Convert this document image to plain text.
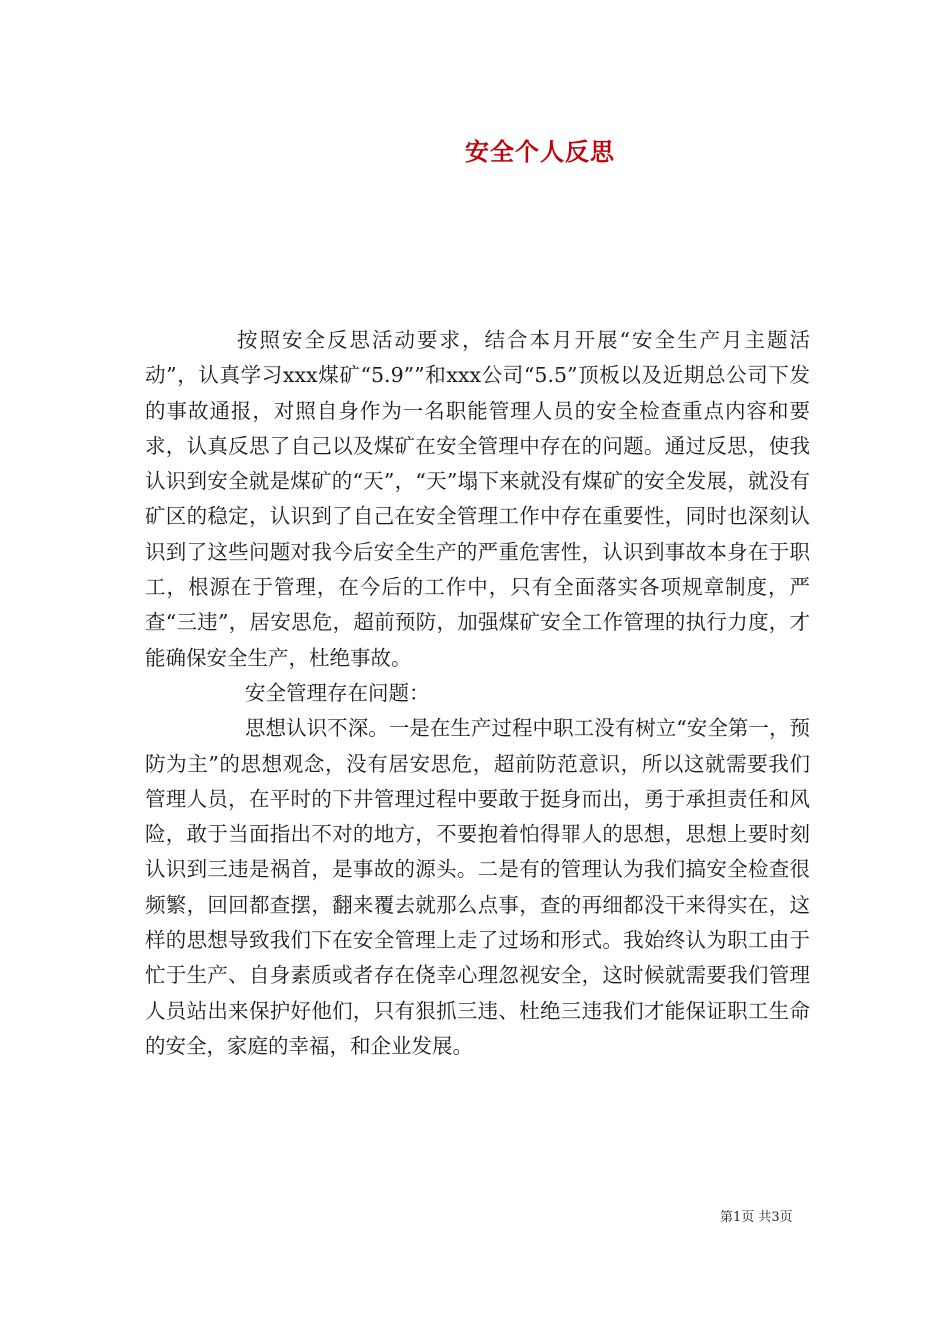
安全个人反思

按照安全反思活动要求，结合本月开展“安全生产月主题活动”，认真学习xxx煤矿“5.9””和xxx公司“5.5”顶板以及近期总公司下发的事故通报，对照自身作为一名职能管理人员的安全检查重点内容和要求，认真反思了自己以及煤矿在安全管理中存在的问题。通过反思，使我认识到安全就是煤矿的“天”，“天”塌下来就没有煤矿的安全发展，就没有矿区的稳定，认识到了自己在安全管理工作中存在重要性，同时也深刻认识到了这些问题对我今后安全生产的严重危害性，认识到事故本身在于职工，根源在于管理，在今后的工作中，只有全面落实各项规章制度，严查“三违”，居安思危，超前预防，加强煤矿安全工作管理的执行力度，才能确保安全生产，杜绝事故。

安全管理存在问题：

思想认识不深。一是在生产过程中职工没有树立“安全第一，预防为主”的思想观念，没有居安思危，超前防范意识，所以这就需要我们管理人员，在平时的下井管理过程中要敢于挺身而出，勇于承担责任和风险，敢于当面指出不对的地方，不要抱着怕得罪人的思想，思想上要时刻认识到三违是祸首，是事故的源头。二是有的管理认为我们搞安全检查很频繁，回回都查摆，翻来覆去就那么点事，查的再细都没干来得实在，这样的思想导致我们下在安全管理上走了过场和形式。我始终认为职工由于忙于生产、自身素质或者存在侥幸心理忽视安全，这时候就需要我们管理人员站出来保护好他们，只有狠抓三违、杜绝三违我们才能保证职工生命的安全，家庭的幸福，和企业发展。

第1页 共3页
